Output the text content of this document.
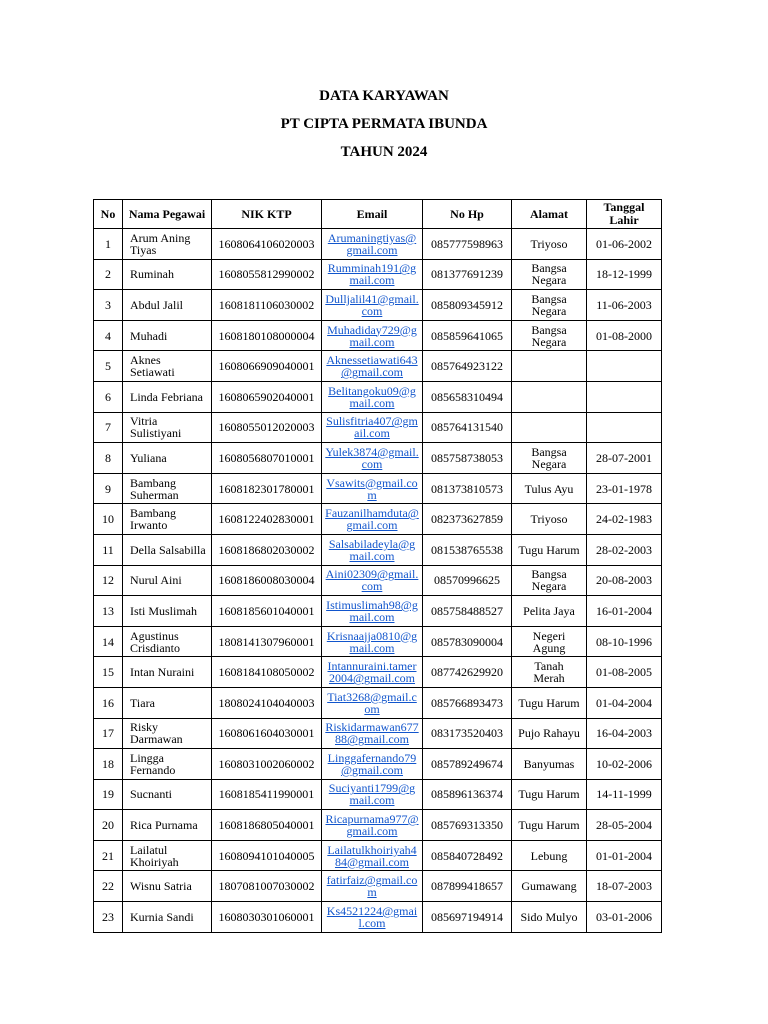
DATA KARYAWAN
PT CIPTA PERMATA IBUNDA
TAHUN 2024
No	Nama Pegawai	NIK KTP	Email	No Hp	Alamat	Tanggal Lahir
1	Arum Aning Tiyas	1608064106020003	Arumaningtiyas@gmail.com	085777598963	Triyoso	01-06-2002
2	Ruminah	1608055812990002	Rumminah191@gmail.com	081377691239	Bangsa Negara	18-12-1999
3	Abdul Jalil	1608181106030002	Dulljalil41@gmail.com	085809345912	Bangsa Negara	11-06-2003
4	Muhadi	1608180108000004	Muhadiday729@gmail.com	085859641065	Bangsa Negara	01-08-2000
5	Aknes Setiawati	1608066909040001	Aknessetiawati643@gmail.com	085764923122		
6	Linda Febriana	1608065902040001	Belitangoku09@gmail.com	085658310494		
7	Vitria Sulistiyani	1608055012020003	Sulisfitria407@gmail.com	085764131540		
8	Yuliana	1608056807010001	Yulek3874@gmail.com	085758738053	Bangsa Negara	28-07-2001
9	Bambang Suherman	1608182301780001	Vsawits@gmail.com	081373810573	Tulus Ayu	23-01-1978
10	Bambang Irwanto	1608122402830001	Fauzanilhamduta@gmail.com	082373627859	Triyoso	24-02-1983
11	Della Salsabilla	1608186802030002	Salsabiladeyla@gmail.com	081538765538	Tugu Harum	28-02-2003
12	Nurul Aini	1608186008030004	Aini02309@gmail.com	08570996625	Bangsa Negara	20-08-2003
13	Isti Muslimah	1608185601040001	Istimuslimah98@gmail.com	085758488527	Pelita Jaya	16-01-2004
14	Agustinus Crisdianto	1808141307960001	Krisnaajja0810@gmail.com	085783090004	Negeri Agung	08-10-1996
15	Intan Nuraini	1608184108050002	Intannuraini.tamer2004@gmail.com	087742629920	Tanah Merah	01-08-2005
16	Tiara	1808024104040003	Tiat3268@gmail.com	085766893473	Tugu Harum	01-04-2004
17	Risky Darmawan	1608061604030001	Riskidarmawan67788@gmail.com	083173520403	Pujo Rahayu	16-04-2003
18	Lingga Fernando	1608031002060002	Linggafernando79@gmail.com	085789249674	Banyumas	10-02-2006
19	Sucnanti	1608185411990001	Suciyanti1799@gmail.com	085896136374	Tugu Harum	14-11-1999
20	Rica Purnama	1608186805040001	Ricapurnama977@gmail.com	085769313350	Tugu Harum	28-05-2004
21	Lailatul Khoiriyah	1608094101040005	Lailatulkhoiriyah484@gmail.com	085840728492	Lebung	01-01-2004
22	Wisnu Satria	1807081007030002	fatirfaiz@gmail.com	087899418657	Gumawang	18-07-2003
23	Kurnia Sandi	1608030301060001	Ks4521224@gmail.com	085697194914	Sido Mulyo	03-01-2006
